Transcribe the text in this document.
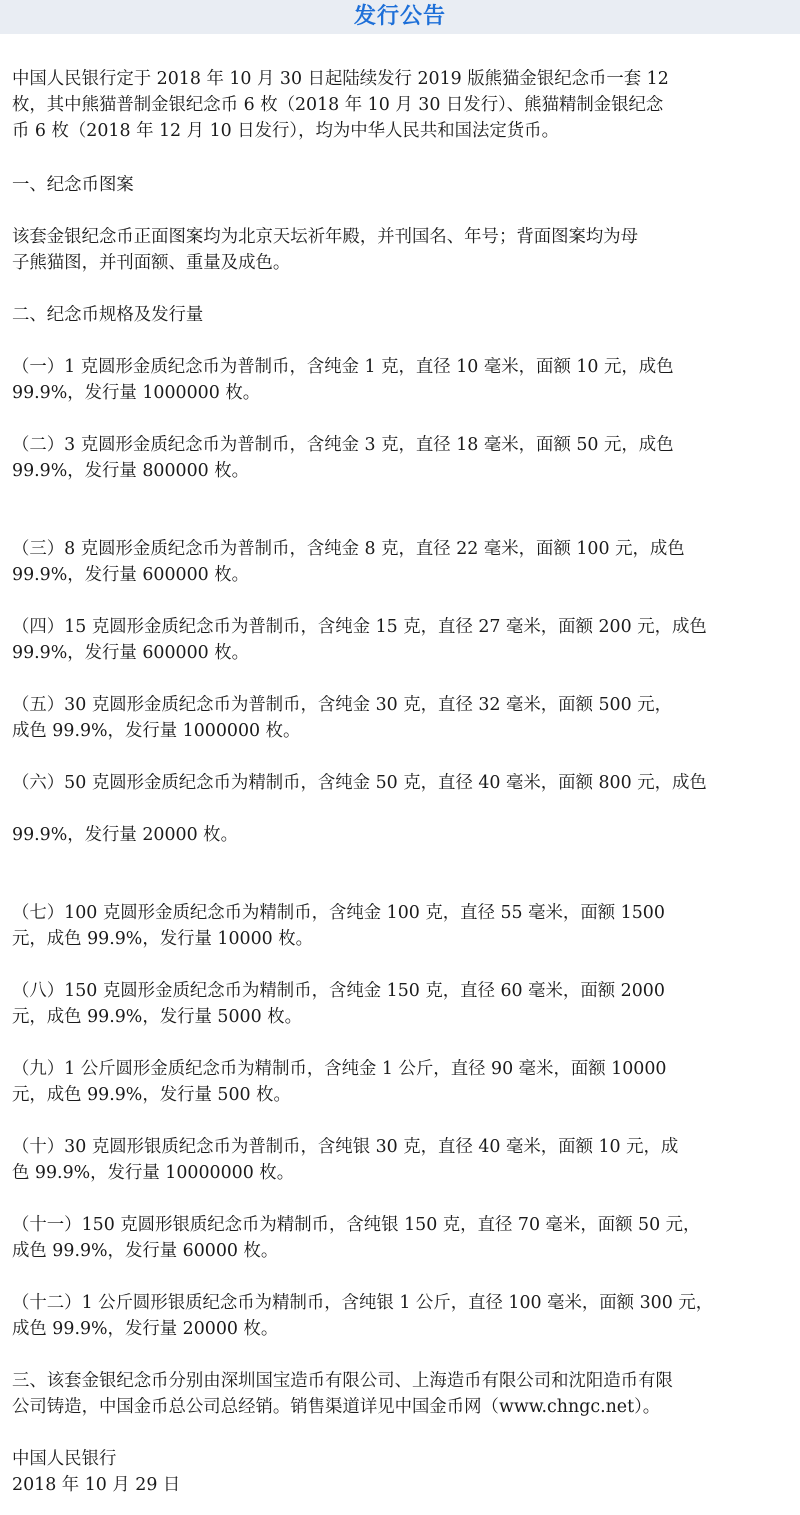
发行公告

中国人民银行定于 2018 年 10 月 30 日起陆续发行 2019 版熊猫金银纪念币一套 12
枚，其中熊猫普制金银纪念币 6 枚（2018 年 10 月 30 日发行）、熊猫精制金银纪念
币 6 枚（2018 年 12 月 10 日发行），均为中华人民共和国法定货币。

一、纪念币图案

该套金银纪念币正面图案均为北京天坛祈年殿，并刊国名、年号；背面图案均为母
子熊猫图，并刊面额、重量及成色。

二、纪念币规格及发行量

（一）1 克圆形金质纪念币为普制币，含纯金 1 克，直径 10 毫米，面额 10 元，成色
99.9%，发行量 1000000 枚。

（二）3 克圆形金质纪念币为普制币，含纯金 3 克，直径 18 毫米，面额 50 元，成色
99.9%，发行量 800000 枚。

（三）8 克圆形金质纪念币为普制币，含纯金 8 克，直径 22 毫米，面额 100 元，成色
99.9%，发行量 600000 枚。

（四）15 克圆形金质纪念币为普制币，含纯金 15 克，直径 27 毫米，面额 200 元，成色
99.9%，发行量 600000 枚。

（五）30 克圆形金质纪念币为普制币，含纯金 30 克，直径 32 毫米，面额 500 元，
成色 99.9%，发行量 1000000 枚。

（六）50 克圆形金质纪念币为精制币，含纯金 50 克，直径 40 毫米，面额 800 元，成色

99.9%，发行量 20000 枚。

（七）100 克圆形金质纪念币为精制币，含纯金 100 克，直径 55 毫米，面额 1500
元，成色 99.9%，发行量 10000 枚。

（八）150 克圆形金质纪念币为精制币，含纯金 150 克，直径 60 毫米，面额 2000
元，成色 99.9%，发行量 5000 枚。

（九）1 公斤圆形金质纪念币为精制币，含纯金 1 公斤，直径 90 毫米，面额 10000
元，成色 99.9%，发行量 500 枚。

（十）30 克圆形银质纪念币为普制币，含纯银 30 克，直径 40 毫米，面额 10 元，成
色 99.9%，发行量 10000000 枚。

（十一）150 克圆形银质纪念币为精制币，含纯银 150 克，直径 70 毫米，面额 50 元，
成色 99.9%，发行量 60000 枚。

（十二）1 公斤圆形银质纪念币为精制币，含纯银 1 公斤，直径 100 毫米，面额 300 元，
成色 99.9%，发行量 20000 枚。

三、该套金银纪念币分别由深圳国宝造币有限公司、上海造币有限公司和沈阳造币有限
公司铸造，中国金币总公司总经销。销售渠道详见中国金币网（www.chngc.net）。

中国人民银行
2018 年 10 月 29 日
